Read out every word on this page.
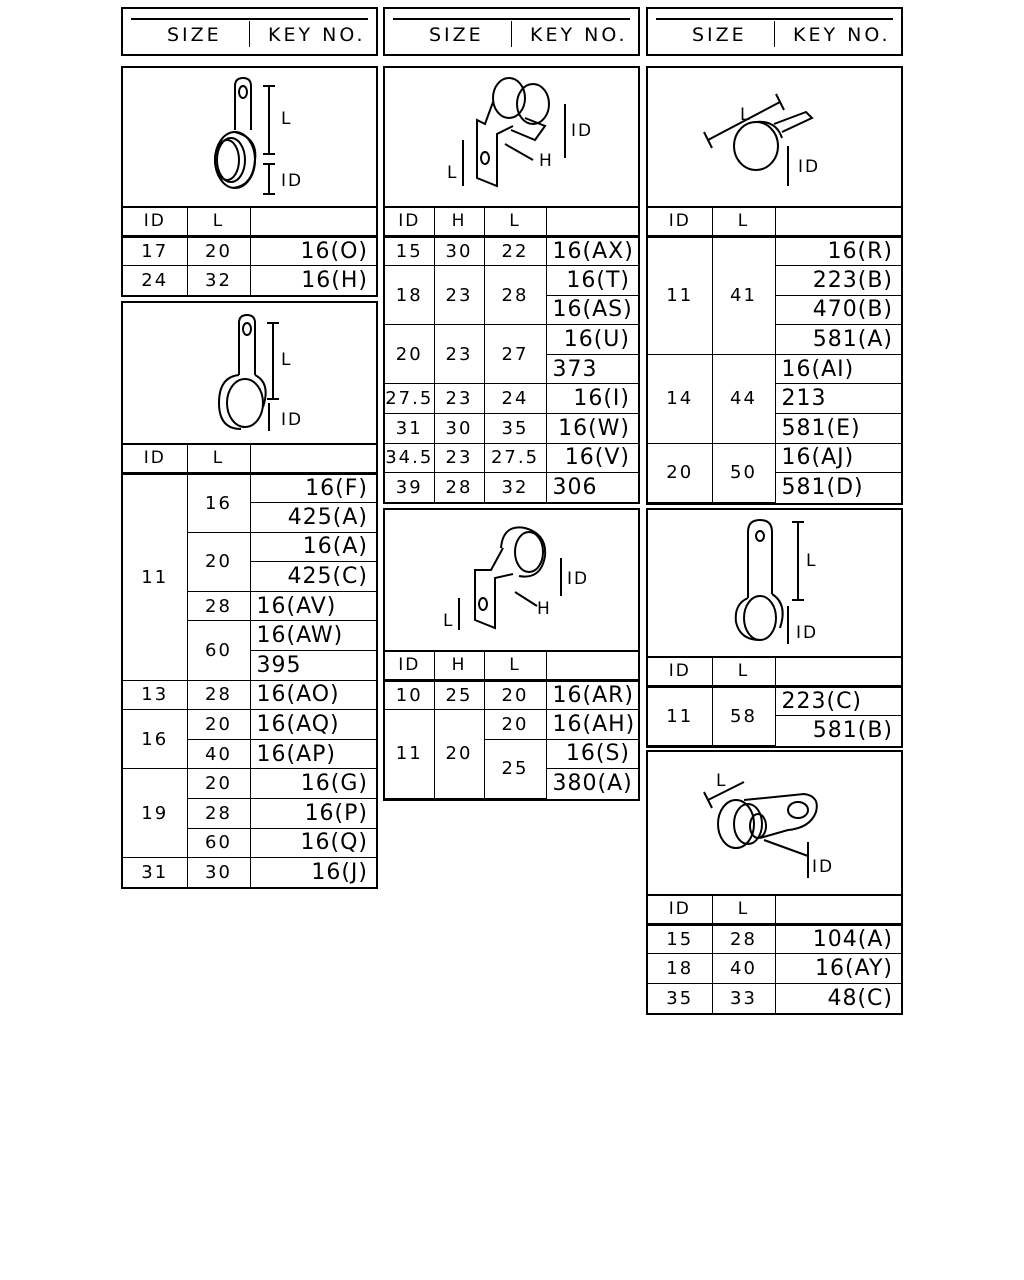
SIZE KEY NO.
L
ID
ID	L	
17	20	16(O)
24	32	16(H)
L
ID
ID	L	
11	16	16(F)
		425(A)
	20	16(A)
		425(C)
	28	16(AV)
	60	16(AW)
		395
13	28	16(AO)
16	20	16(AQ)
	40	16(AP)
19	20	16(G)
	28	16(P)
	60	16(Q)
31	30	16(J)
SIZE KEY NO.
ID
H
L
ID	H	L	
15	30	22	16(AX)
18	23	28	16(T)
			16(AS)
20	23	27	16(U)
			373
27.5	23	24	16(I)
31	30	35	16(W)
34.5	23	27.5	16(V)
39	28	32	306
ID
H
L
ID	H	L	
10	25	20	16(AR)
11	20	20	16(AH)
		25	16(S)
			380(A)
SIZE KEY NO.
L
ID
ID	L	
11	41	16(R)
		223(B)
		470(B)
		581(A)
14	44	16(AI)
		213
		581(E)
20	50	16(AJ)
		581(D)
L
ID
ID	L	
11	58	223(C)
		581(B)
L
ID
ID	L	
15	28	104(A)
18	40	16(AY)
35	33	48(C)
